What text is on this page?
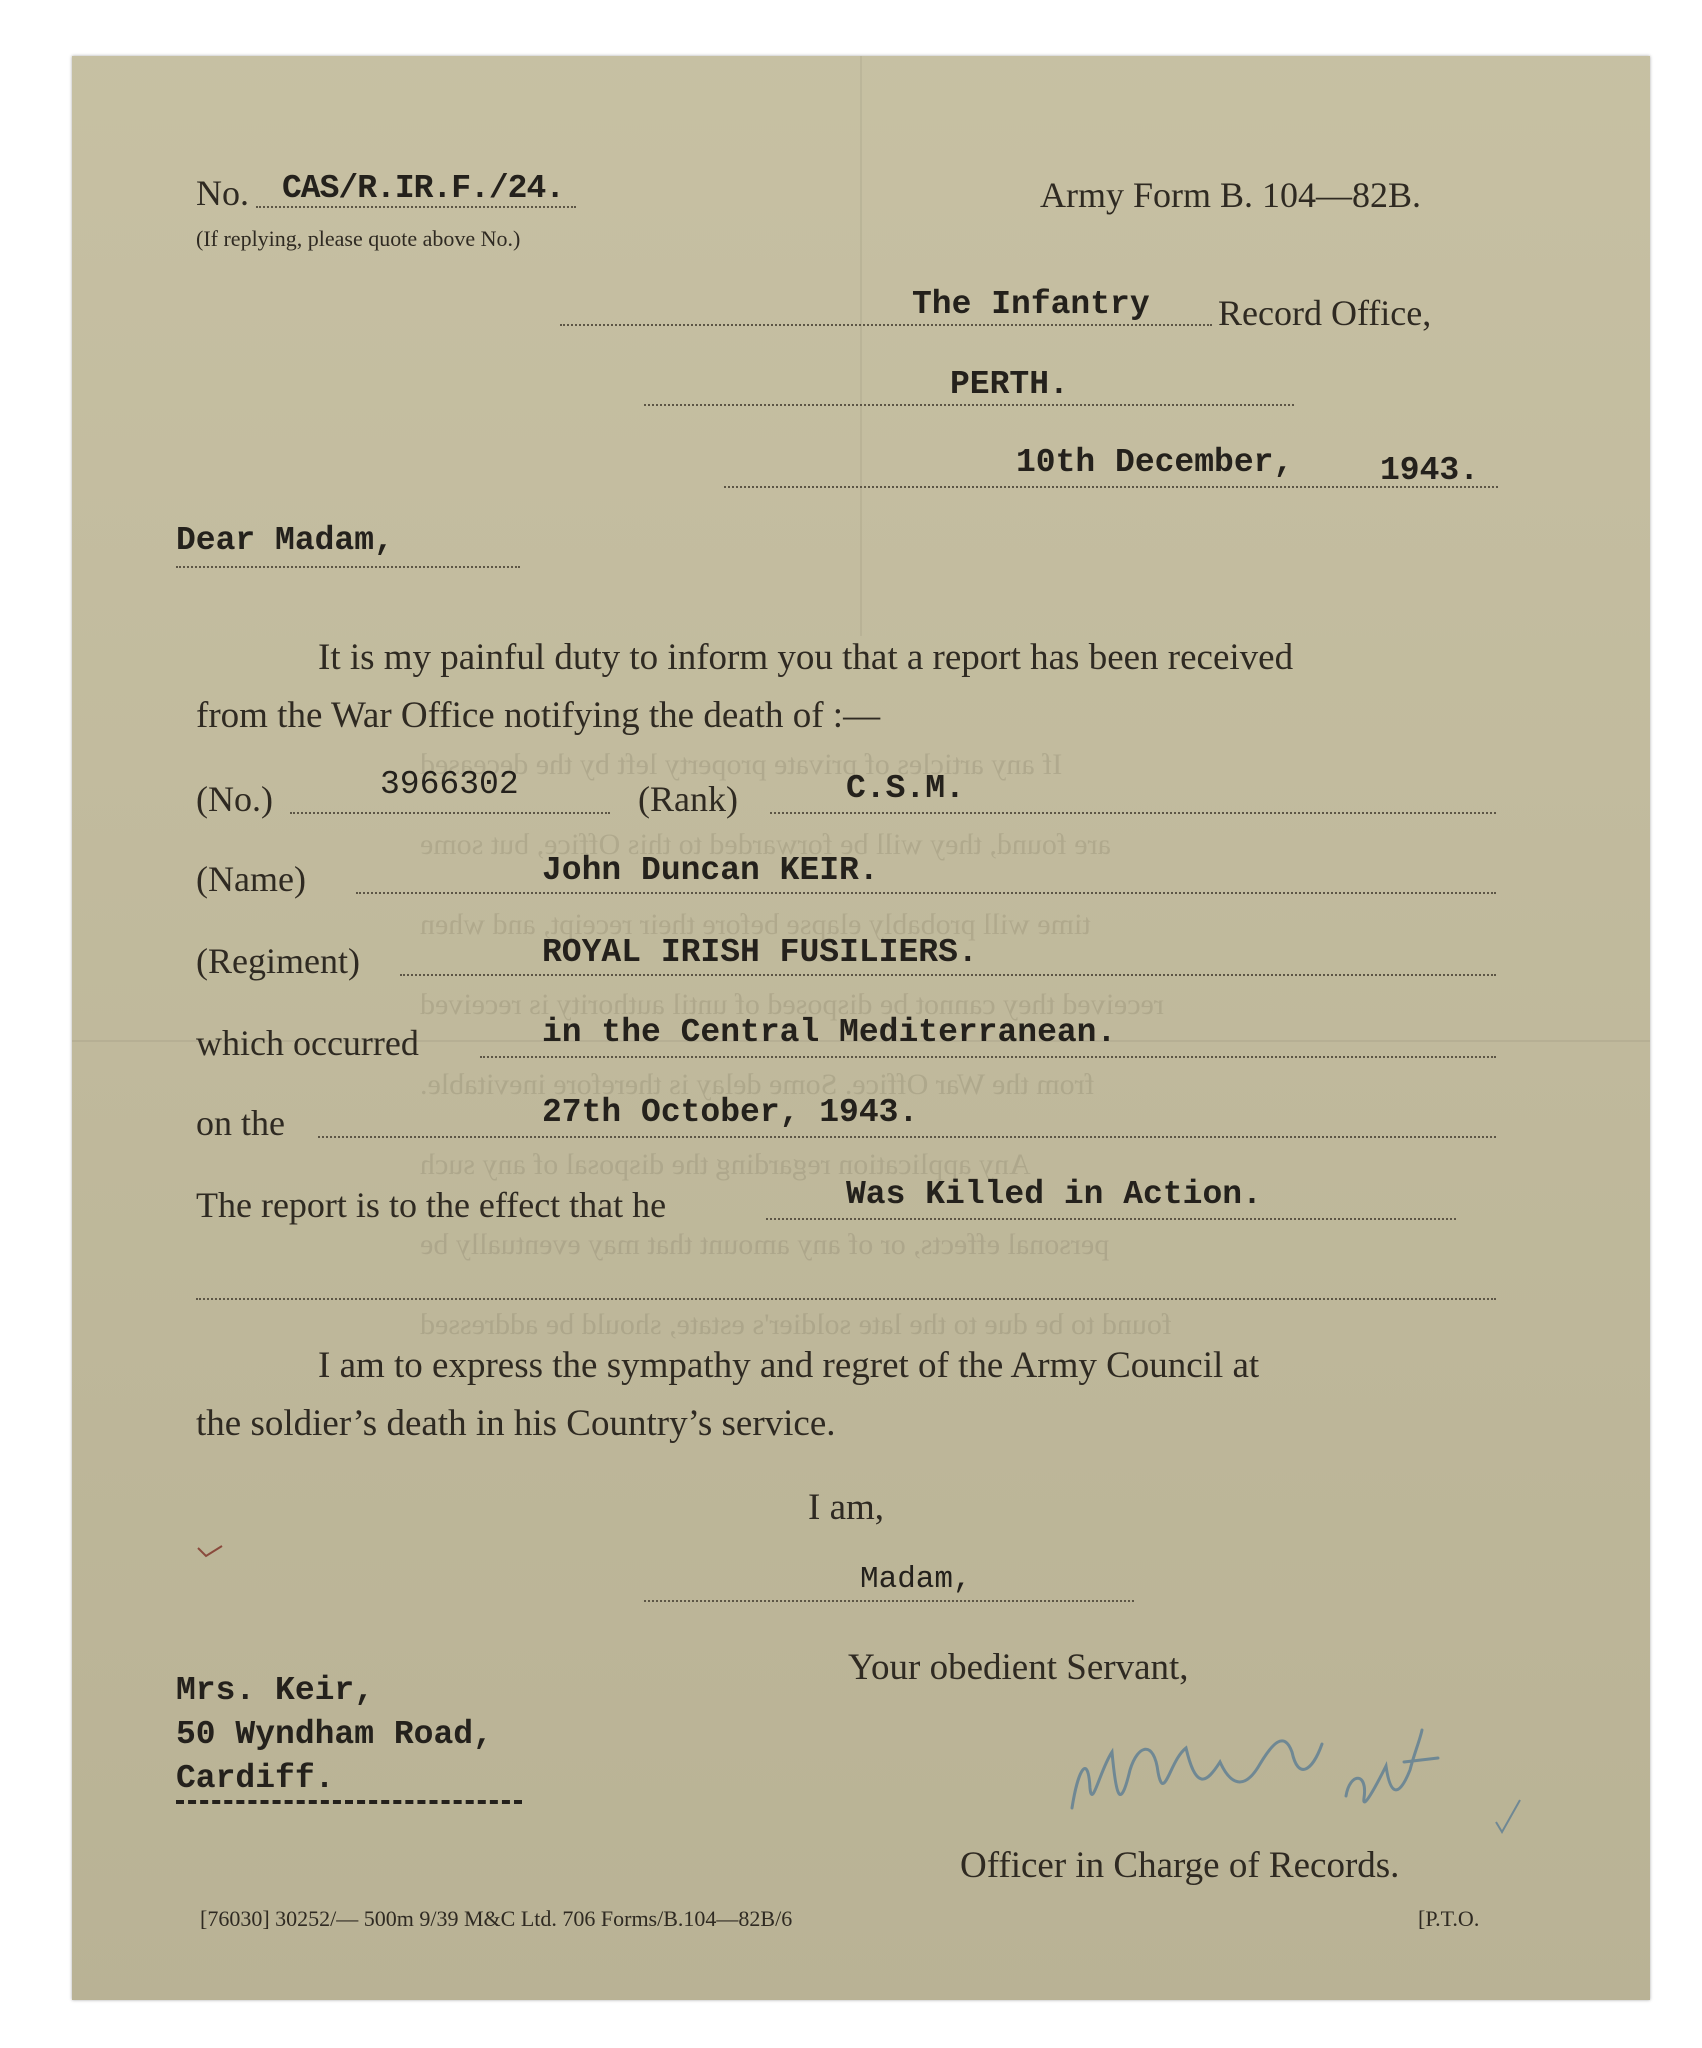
If any articles of private property left by the deceased
are found, they will be forwarded to this Office, but some
time will probably elapse before their receipt, and when
received they cannot be disposed of until authority is received
from the War Office. Some delay is therefore inevitable.
Any application regarding the disposal of any such
personal effects, or of any amount that may eventually be
found to be due to the late soldier's estate, should be addressed
No. CAS/R.IR.F./24.
(If replying, please quote above No.)
Army Form B. 104—82B.
The Infantry Record Office,
PERTH.
10th December,	1943.
Dear Madam,
It is my painful duty to inform you that a report has been received
from the War Office notifying the death of :—
(No.)	3966302	(Rank)	C.S.M.
(Name)	John Duncan KEIR.
(Regiment)	ROYAL IRISH FUSILIERS.
which occurred	in the Central Mediterranean.
on the	27th October, 1943.
The report is to the effect that he	Was Killed in Action.
I am to express the sympathy and regret of the Army Council at
the soldier’s death in his Country’s service.
I am,
Madam,
Your obedient Servant,
Mrs. Keir,
50 Wyndham Road,
Cardiff.
Officer in Charge of Records.
[76030] 30252/— 500m 9/39 M&C Ltd. 706 Forms/B.104—82B/6	[P.T.O.
